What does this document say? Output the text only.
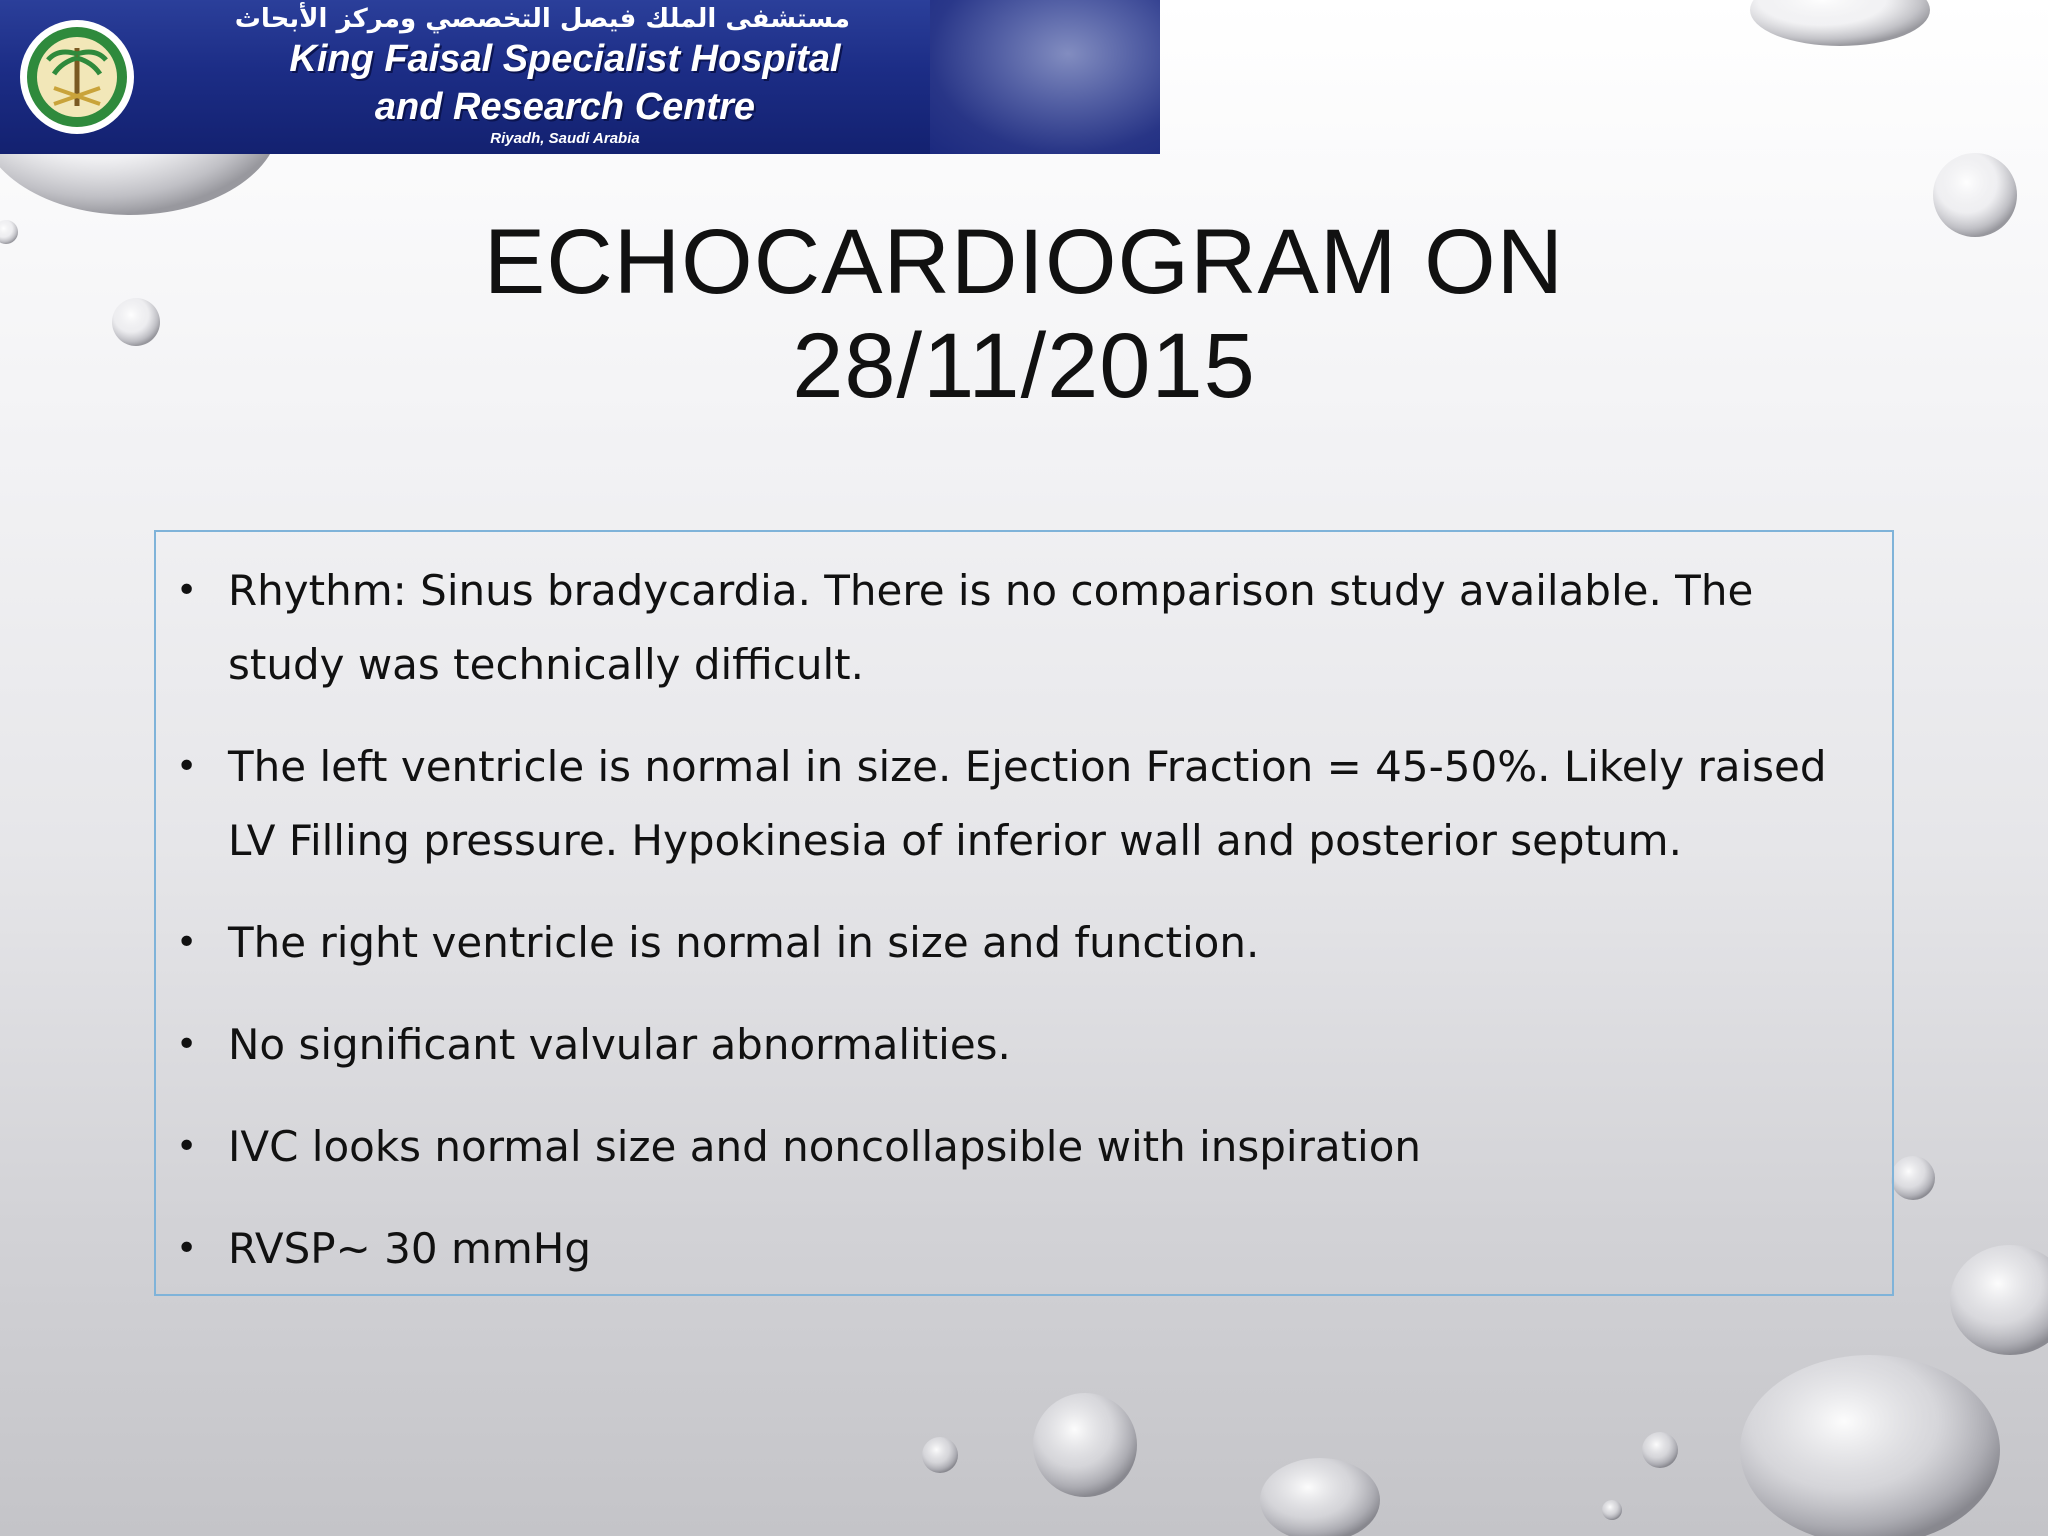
مستشفى الملك فيصل التخصصي ومركز الأبحاث
King Faisal Specialist Hospital
and Research Centre
Riyadh, Saudi Arabia
ECHOCARDIOGRAM ON
28/11/2015
• Rhythm: Sinus bradycardia. There is no comparison study available. The study was technically difficult.
• The left ventricle is normal in size. Ejection Fraction = 45-50%. Likely raised LV Filling pressure. Hypokinesia of inferior wall and posterior septum.
• The right ventricle is normal in size and function.
• No significant valvular abnormalities.
• IVC looks normal size and noncollapsible with inspiration
• RVSP~ 30 mmHg
